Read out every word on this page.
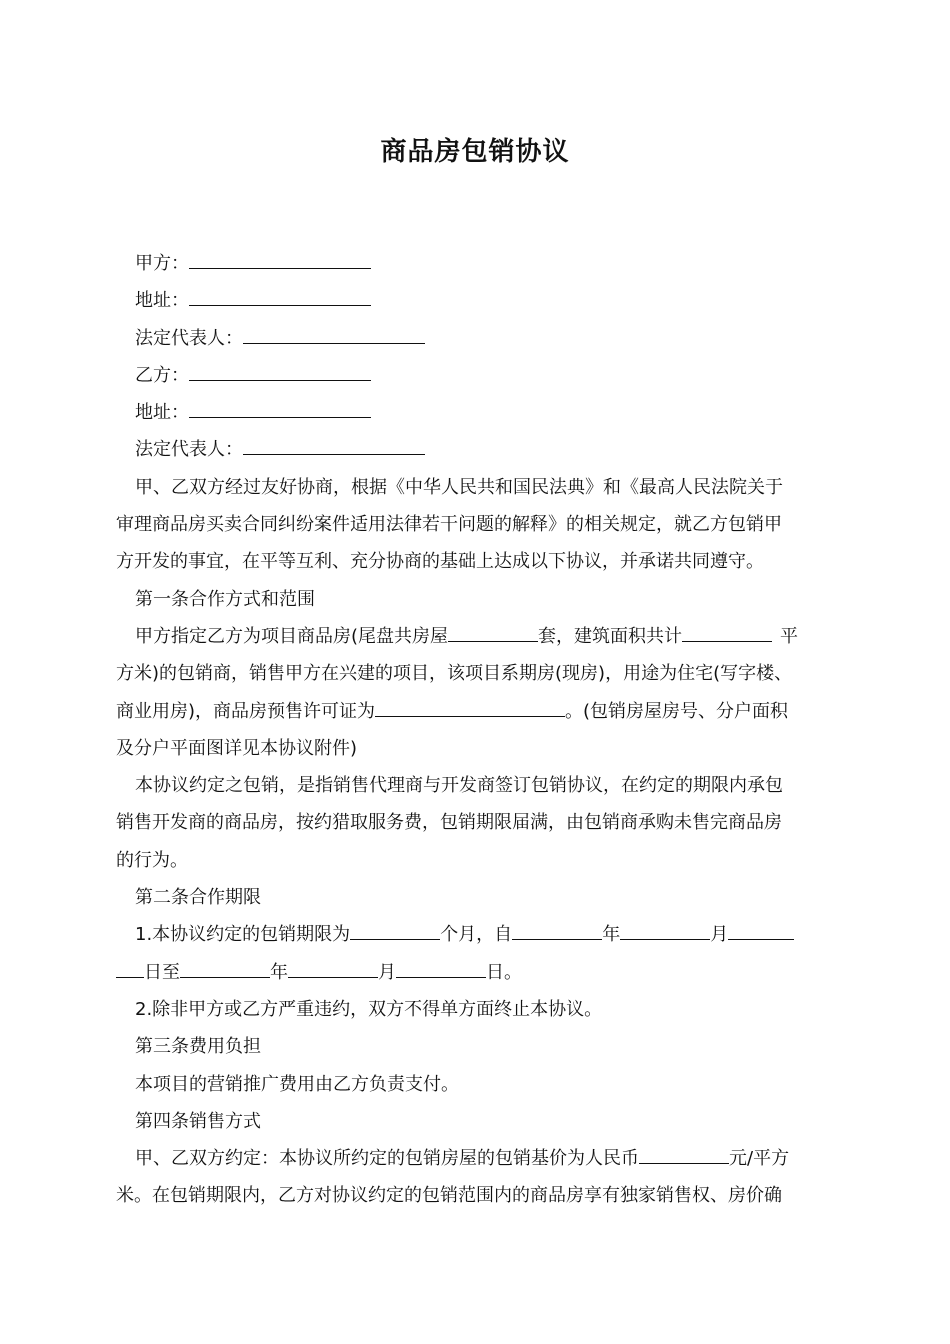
商品房包销协议
甲方：
地址：
法定代表人：
乙方：
地址：
法定代表人：
甲、乙双方经过友好协商，根据《中华人民共和国民法典》和《最高人民法院关于
审理商品房买卖合同纠纷案件适用法律若干问题的解释》的相关规定，就乙方包销甲
方开发的事宜，在平等互利、充分协商的基础上达成以下协议，并承诺共同遵守。
第一条合作方式和范围
甲方指定乙方为项目商品房(尾盘共房屋	套，建筑面积共计	平
方米)的包销商，销售甲方在兴建的项目，该项目系期房(现房)，用途为住宅(写字楼、
商业用房)，商品房预售许可证为	。(包销房屋房号、分户面积
及分户平面图详见本协议附件)
本协议约定之包销，是指销售代理商与开发商签订包销协议，在约定的期限内承包
销售开发商的商品房，按约猎取服务费，包销期限届满，由包销商承购未售完商品房
的行为。
第二条合作期限
1.本协议约定的包销期限为	个月，自	年	月
日至	年	月	日。
2.除非甲方或乙方严重违约，双方不得单方面终止本协议。
第三条费用负担
本项目的营销推广费用由乙方负责支付。
第四条销售方式
甲、乙双方约定：本协议所约定的包销房屋的包销基价为人民币	元/平方
米。在包销期限内，乙方对协议约定的包销范围内的商品房享有独家销售权、房价确
